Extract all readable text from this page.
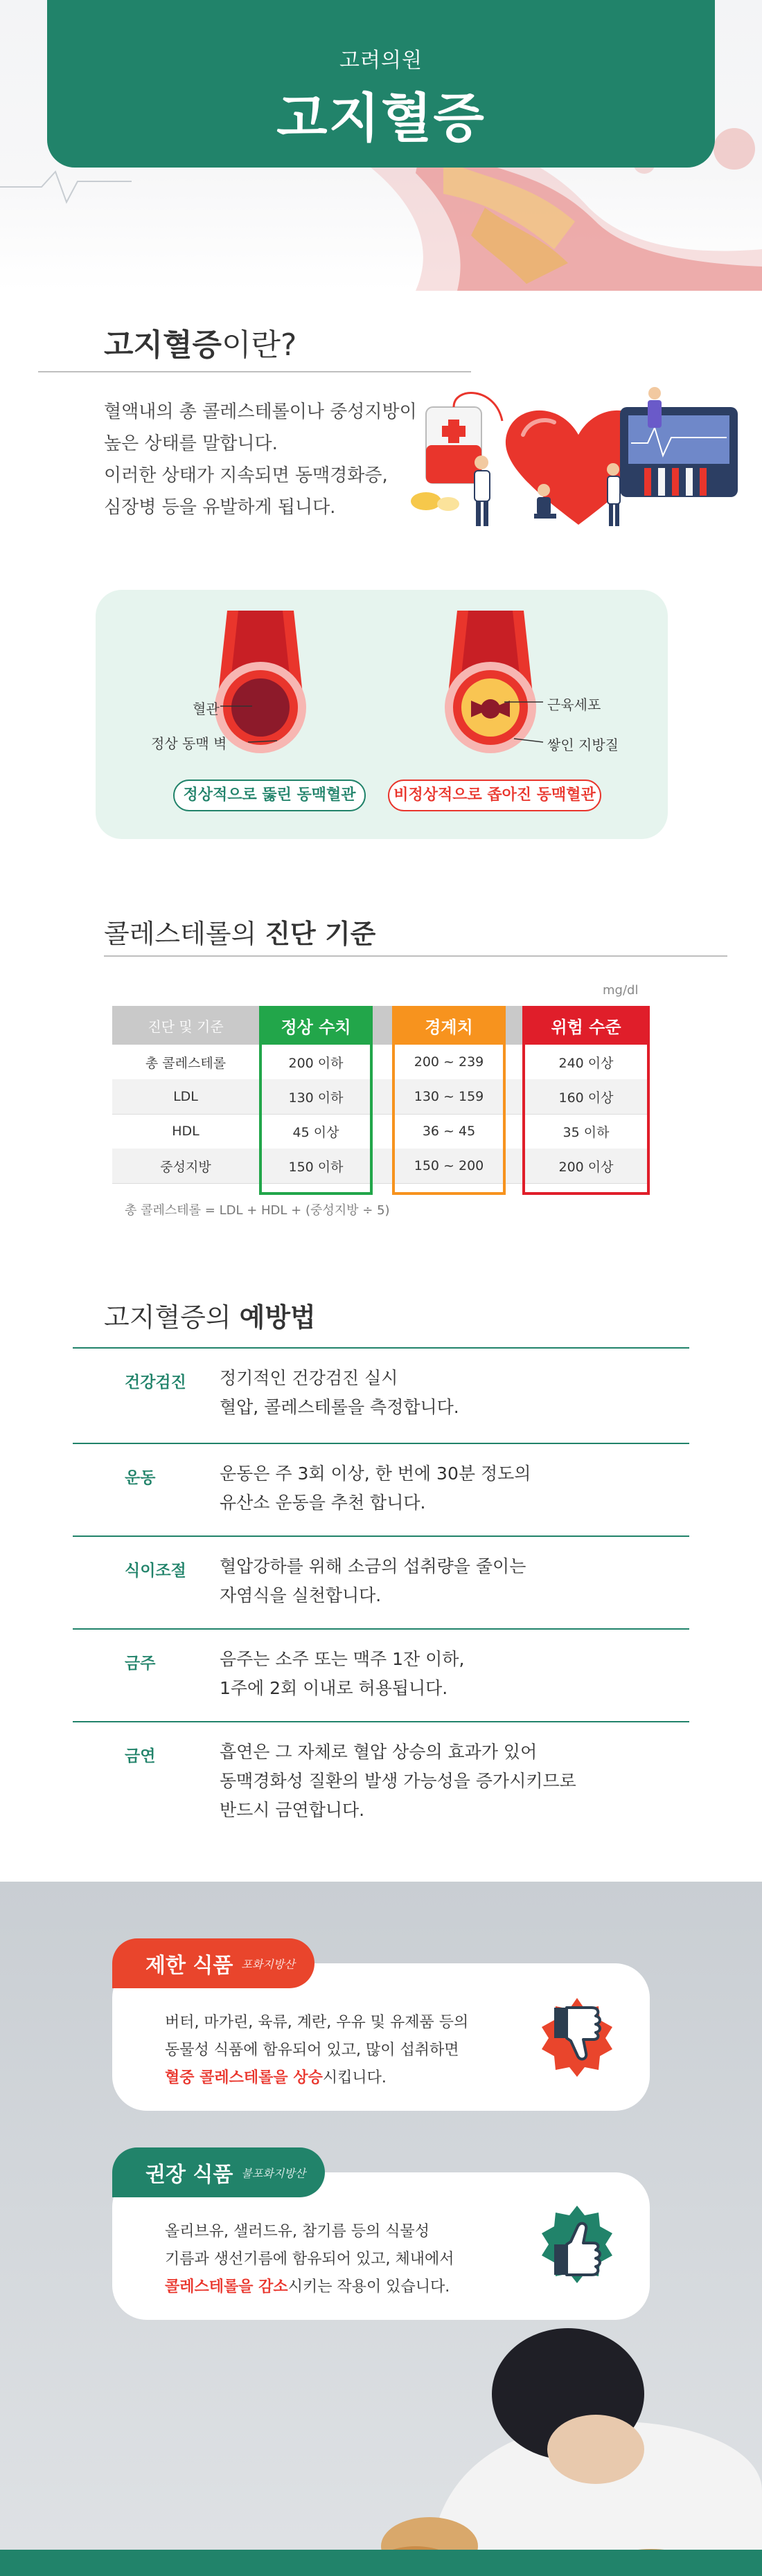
고려의원
고지혈증
고지혈증이란?
혈액내의 총 콜레스테롤이나 중성지방이
높은 상태를 말합니다.
이러한 상태가 지속되면 동맥경화증,
심장병 등을 유발하게 됩니다.
혈관
정상 동맥 벽
근육세포
쌓인 지방질
정상적으로 뚫린 동맥혈관	비정상적으로 좁아진 동맥혈관
콜레스테롤의 진단 기준
mg/dl
진단 및 기준	정상 수치	경계치	위험 수준
총 콜레스테롤	200 이하	200 ~ 239	240 이상
LDL	130 이하	130 ~ 159	160 이상
HDL	45 이상	36 ~ 45	35 이하
중성지방	150 이하	150 ~ 200	200 이상
총 콜레스테롤 = LDL + HDL + (중성지방 ÷ 5)
고지혈증의 예방법
건강검진 정기적인 건강검진 실시
혈압, 콜레스테롤을 측정합니다.
운동	운동은 주 3회 이상, 한 번에 30분 정도의
유산소 운동을 추천 합니다.
식이조절 혈압강하를 위해 소금의 섭취량을 줄이는
자염식을 실천합니다.
금주	음주는 소주 또는 맥주 1잔 이하,
1주에 2회 이내로 허용됩니다.
금연	흡연은 그 자체로 혈압 상승의 효과가 있어
동맥경화성 질환의 발생 가능성을 증가시키므로
반드시 금연합니다.
제한 식품 포화지방산
버터, 마가린, 육류, 계란, 우유 및 유제품 등의
동물성 식품에 함유되어 있고, 많이 섭취하면
혈중 콜레스테롤을 상승시킵니다.
권장 식품 불포화지방산
올리브유, 샐러드유, 참기름 등의 식물성
기름과 생선기름에 함유되어 있고, 체내에서
콜레스테롤을 감소시키는 작용이 있습니다.
